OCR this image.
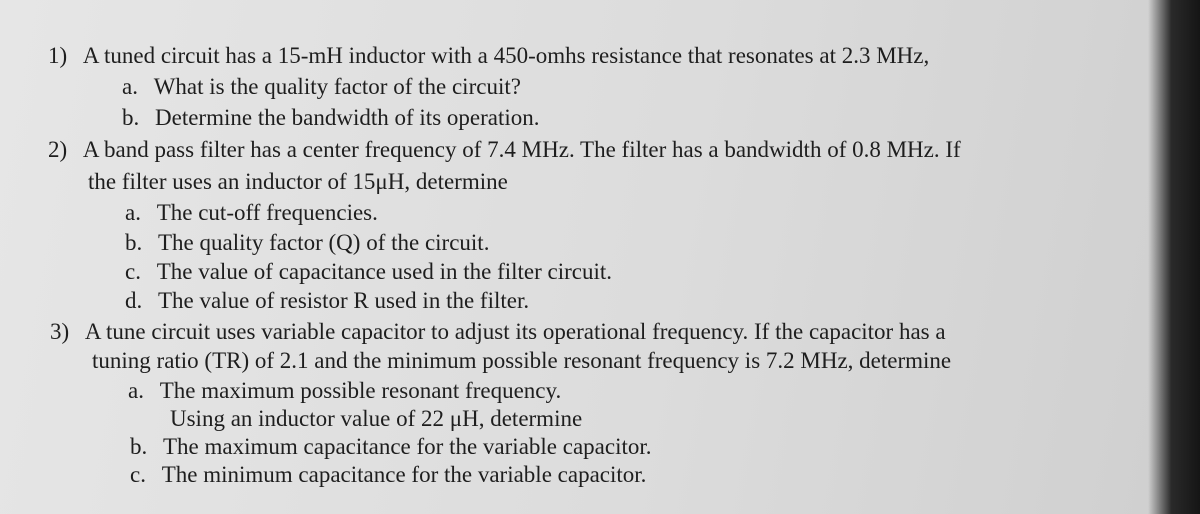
1) A tuned circuit has a 15-mH inductor with a 450-omhs resistance that resonates at 2.3 MHz,
a. What is the quality factor of the circuit?
b. Determine the bandwidth of its operation.
2) A band pass filter has a center frequency of 7.4 MHz. The filter has a bandwidth of 0.8 MHz. If
the filter uses an inductor of 15μH, determine
a. The cut-off frequencies.
b. The quality factor (Q) of the circuit.
c. The value of capacitance used in the filter circuit.
d. The value of resistor R used in the filter.
3) A tune circuit uses variable capacitor to adjust its operational frequency. If the capacitor has a
tuning ratio (TR) of 2.1 and the minimum possible resonant frequency is 7.2 MHz, determine
a. The maximum possible resonant frequency.
Using an inductor value of 22 μH, determine
b. The maximum capacitance for the variable capacitor.
c. The minimum capacitance for the variable capacitor.
